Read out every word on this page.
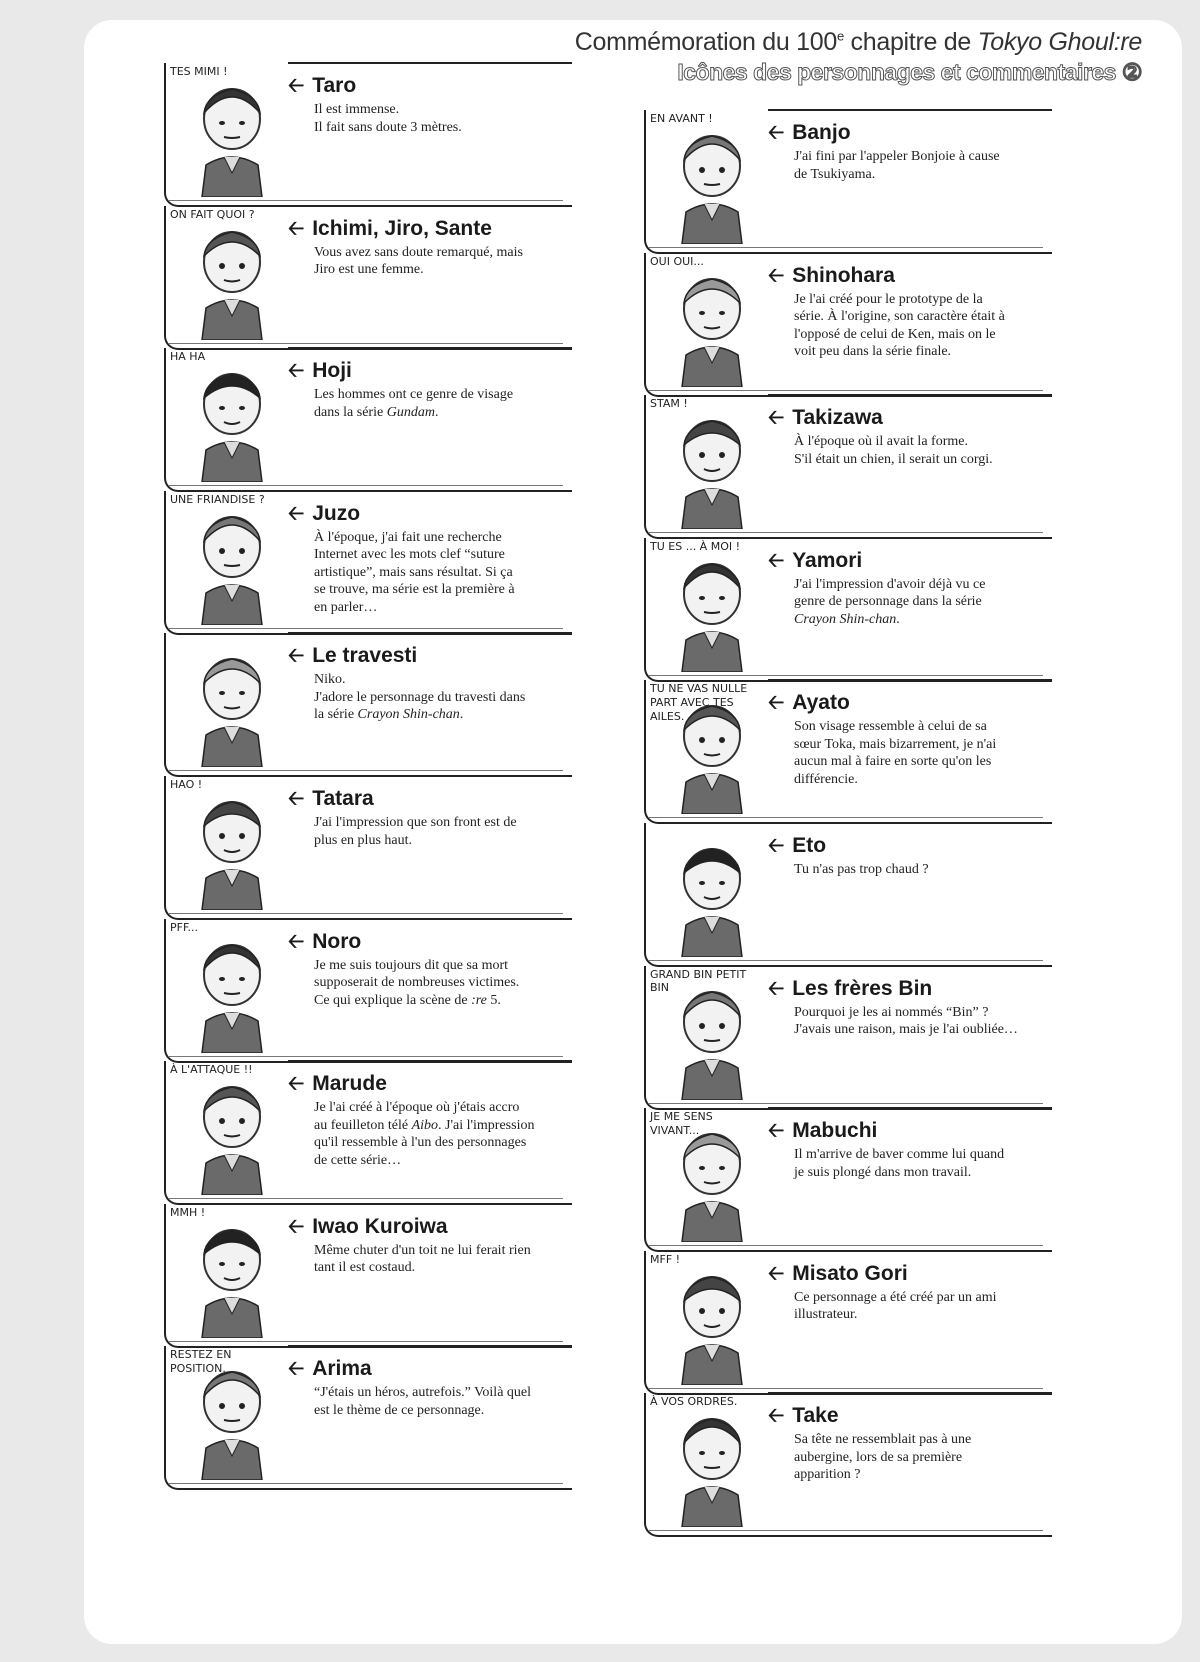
Commémoration du 100e chapitre de Tokyo Ghoul:re
Icônes des personnages et commentaires ②
TES MIMI !
🡠 Taro
Il est immense.
Il fait sans doute 3 mètres.
ON FAIT QUOI ?
🡠 Ichimi, Jiro, Sante
Vous avez sans doute remarqué, mais
Jiro est une femme.
HA HA
🡠 Hoji
Les hommes ont ce genre de visage
dans la série Gundam.
UNE FRIANDISE ?
🡠 Juzo
À l'époque, j'ai fait une recherche
Internet avec les mots clef “suture
artistique”, mais sans résultat. Si ça
se trouve, ma série est la première à
en parler…
🡠 Le travesti
Niko.
J'adore le personnage du travesti dans
la série Crayon Shin-chan.
HAO !
🡠 Tatara
J'ai l'impression que son front est de
plus en plus haut.
PFF...
🡠 Noro
Je me suis toujours dit que sa mort
supposerait de nombreuses victimes.
Ce qui explique la scène de :re 5.
À L'ATTAQUE !!
🡠 Marude
Je l'ai créé à l'époque où j'étais accro
au feuilleton télé Aibo. J'ai l'impression
qu'il ressemble à l'un des personnages
de cette série…
MMH !
🡠 Iwao Kuroiwa
Même chuter d'un toit ne lui ferait rien
tant il est costaud.
RESTEZ EN POSITION.	🡠 Arima
“J'étais un héros, autrefois.” Voilà quel
est le thème de ce personnage.
EN AVANT !
🡠 Banjo
J'ai fini par l'appeler Bonjoie à cause
de Tsukiyama.
OUI OUI...
🡠 Shinohara
Je l'ai créé pour le prototype de la
série. À l'origine, son caractère était à
l'opposé de celui de Ken, mais on le
voit peu dans la série finale.
STAM !
🡠 Takizawa
À l'époque où il avait la forme.
S'il était un chien, il serait un corgi.
TU ES ... À MOI !
🡠 Yamori
J'ai l'impression d'avoir déjà vu ce
genre de personnage dans la série
Crayon Shin-chan.
TU NE VAS NULLE PART AVEC TES AILES.
🡠 Ayato
Son visage ressemble à celui de sa
sœur Toka, mais bizarrement, je n'ai
aucun mal à faire en sorte qu'on les
différencie.
🡠 Eto
Tu n'as pas trop chaud ?
GRAND BIN PETIT BIN	🡠 Les frères Bin
Pourquoi je les ai nommés “Bin” ?
J'avais une raison, mais je l'ai oubliée…
JE ME SENS VIVANT...	🡠 Mabuchi
Il m'arrive de baver comme lui quand
je suis plongé dans mon travail.
MFF !
🡠 Misato Gori
Ce personnage a été créé par un ami
illustrateur.
À VOS ORDRES.
🡠 Take
Sa tête ne ressemblait pas à une
aubergine, lors de sa première
apparition ?
